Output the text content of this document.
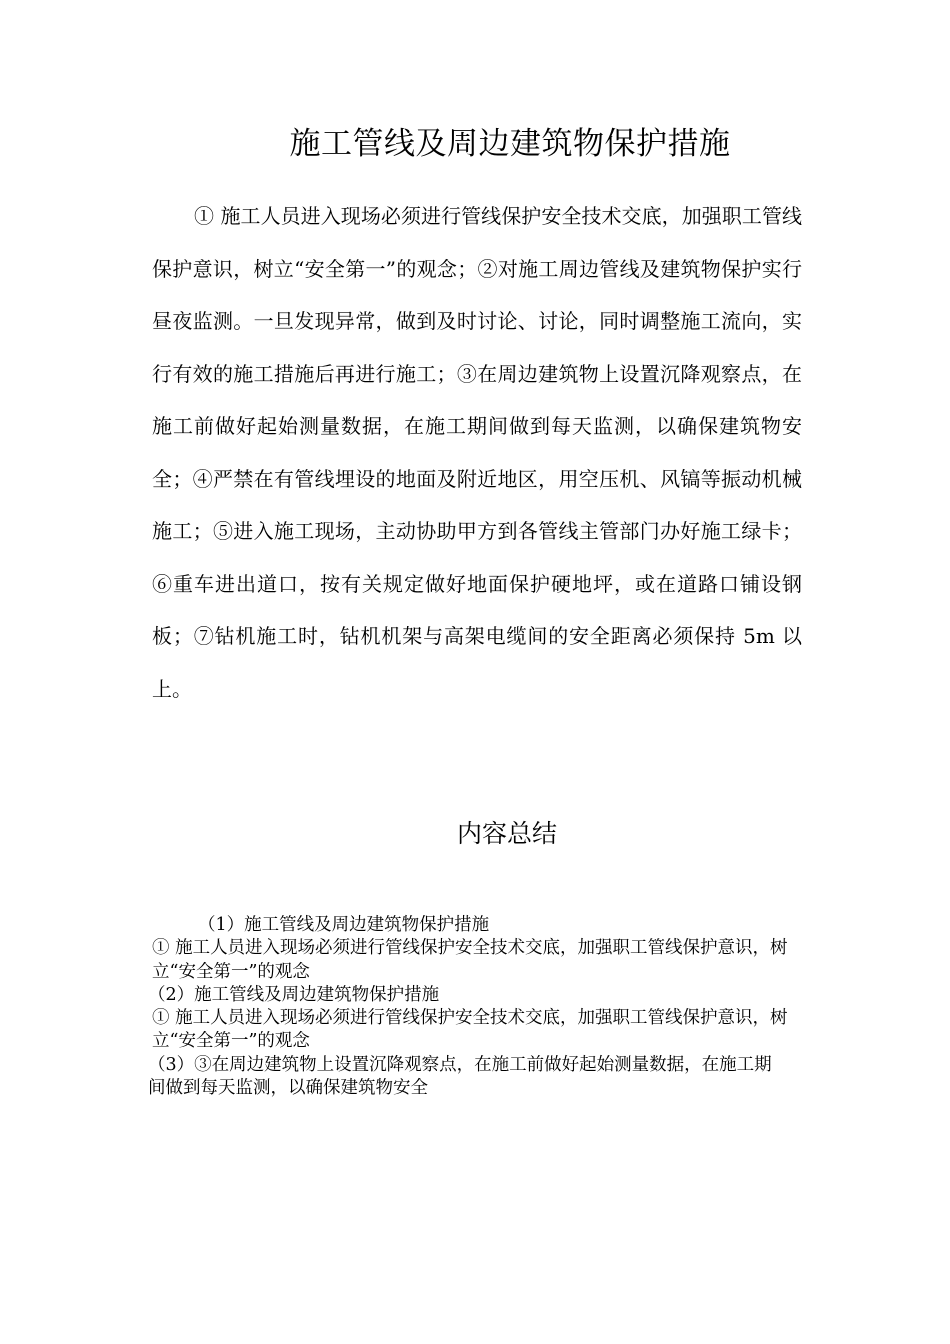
施工管线及周边建筑物保护措施

① 施工人员进入现场必须进行管线保护安全技术交底，加强职工管线保护意识，树立“安全第一”的观念；②对施工周边管线及建筑物保护实行昼夜监测。一旦发现异常，做到及时讨论、讨论，同时调整施工流向，实行有效的施工措施后再进行施工；③在周边建筑物上设置沉降观察点，在施工前做好起始测量数据，在施工期间做到每天监测，以确保建筑物安全；④严禁在有管线埋设的地面及附近地区，用空压机、风镐等振动机械施工；⑤进入施工现场，主动协助甲方到各管线主管部门办好施工绿卡；⑥重车进出道口，按有关规定做好地面保护硬地坪，或在道路口铺设钢板；⑦钻机施工时，钻机机架与高架电缆间的安全距离必须保持 5m 以上。

内容总结

（1）施工管线及周边建筑物保护措施

① 施工人员进入现场必须进行管线保护安全技术交底，加强职工管线保护意识，树立“安全第一”的观念

（2）施工管线及周边建筑物保护措施

① 施工人员进入现场必须进行管线保护安全技术交底，加强职工管线保护意识，树立“安全第一”的观念

（3）③在周边建筑物上设置沉降观察点，在施工前做好起始测量数据，在施工期间做到每天监测，以确保建筑物安全
